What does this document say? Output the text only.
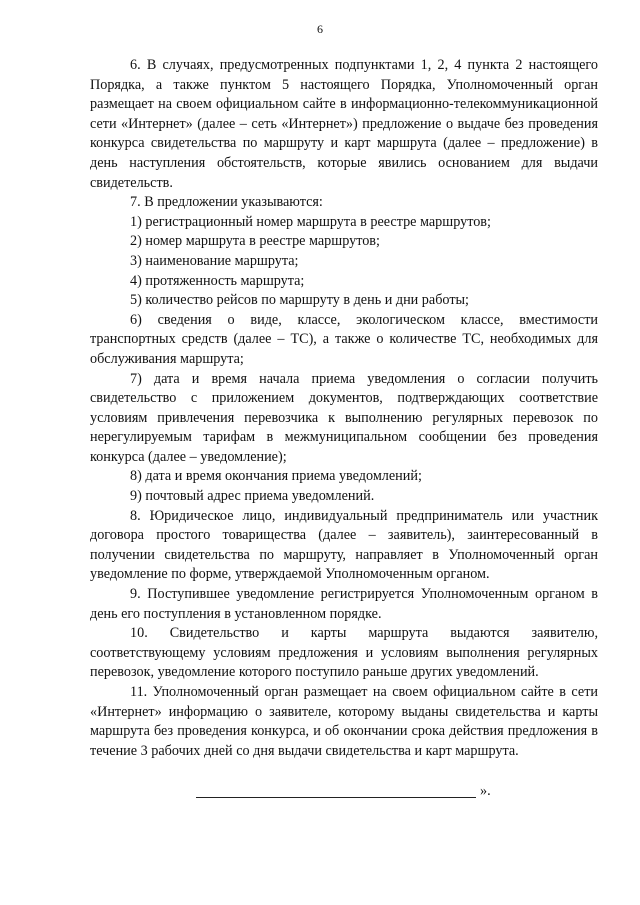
6

6. В случаях, предусмотренных подпунктами 1, 2, 4 пункта 2 настоящего Порядка, а также пунктом 5 настоящего Порядка, Уполномоченный орган размещает на своем официальном сайте в информационно-телекоммуникационной сети «Интернет» (далее – сеть «Интернет») предложение о выдаче без проведения конкурса свидетельства по маршруту и карт маршрута (далее – предложение) в день наступления обстоятельств, которые явились основанием для выдачи свидетельств.

7. В предложении указываются:

1) регистрационный номер маршрута в реестре маршрутов;

2) номер маршрута в реестре маршрутов;

3) наименование маршрута;

4) протяженность маршрута;

5) количество рейсов по маршруту в день и дни работы;

6) сведения о виде, классе, экологическом классе, вместимости транспортных средств (далее – ТС), а также о количестве ТС, необходимых для обслуживания маршрута;

7) дата и время начала приема уведомления о согласии получить свидетельство с приложением документов, подтверждающих соответствие условиям привлечения перевозчика к выполнению регулярных перевозок по нерегулируемым тарифам в межмуниципальном сообщении без проведения конкурса (далее – уведомление);

8) дата и время окончания приема уведомлений;

9) почтовый адрес приема уведомлений.

8. Юридическое лицо, индивидуальный предприниматель или участник договора простого товарищества (далее – заявитель), заинтересованный в получении свидетельства по маршруту, направляет в Уполномоченный орган уведомление по форме, утверждаемой Уполномоченным органом.

9. Поступившее уведомление регистрируется Уполномоченным органом в день его поступления в установленном порядке.

10. Свидетельство и карты маршрута выдаются заявителю, соответствующему условиям предложения и условиям выполнения регулярных перевозок, уведомление которого поступило раньше других уведомлений.

11. Уполномоченный орган размещает на своем официальном сайте в сети «Интернет» информацию о заявителе, которому выданы свидетельства и карты маршрута без проведения конкурса, и об окончании срока действия предложения в течение 3 рабочих дней со дня выдачи свидетельства и карт маршрута.

».
